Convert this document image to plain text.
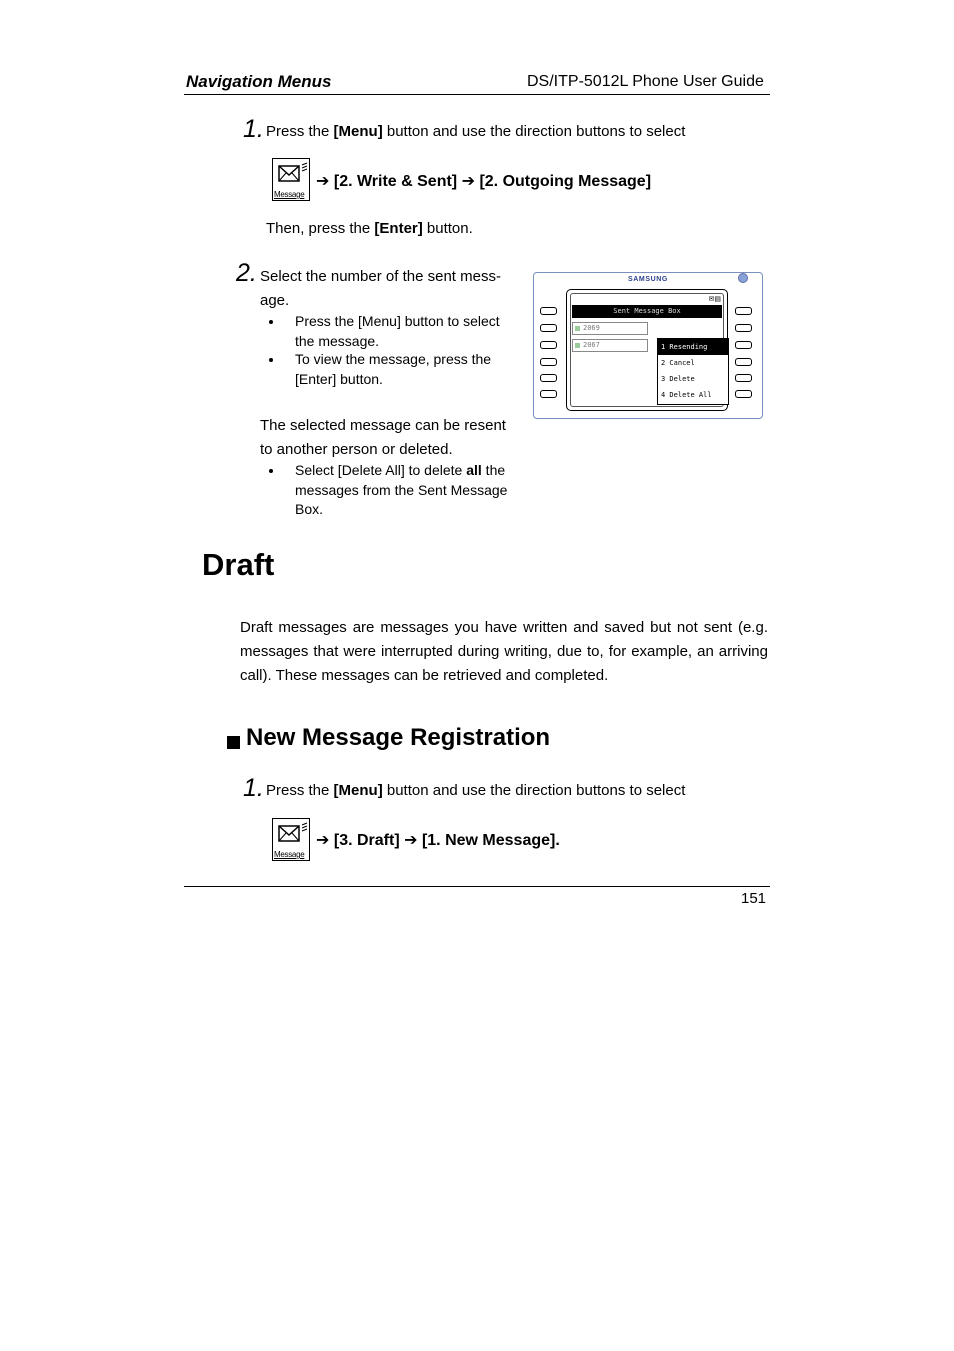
Navigation Menus	DS/ITP-5012L Phone User Guide
1. Press the [Menu] button and use the direction buttons to select
Message
➔ [2. Write & Sent] ➔ [2. Outgoing Message]
Then, press the [Enter] button.
2. Select the number of the sent mess-
age.
Press the [Menu] button to select
the message.
To view the message, press the
[Enter] button.
The selected message can be resent
to another person or deleted.
Select [Delete All] to delete all the
messages from the Sent Message
Box.
SAMSUNG
✉▤
Sent Message Box
2069
2067	1 Resending
2 Cancel
3 Delete
4 Delete All
Draft
Draft messages are messages you have written and saved but not sent (e.g. messages that were interrupted during writing, due to, for example, an arriving call). These messages can be retrieved and completed.
New Message Registration
1. Press the [Menu] button and use the direction buttons to select
Message
➔ [3. Draft] ➔ [1. New Message].
151
